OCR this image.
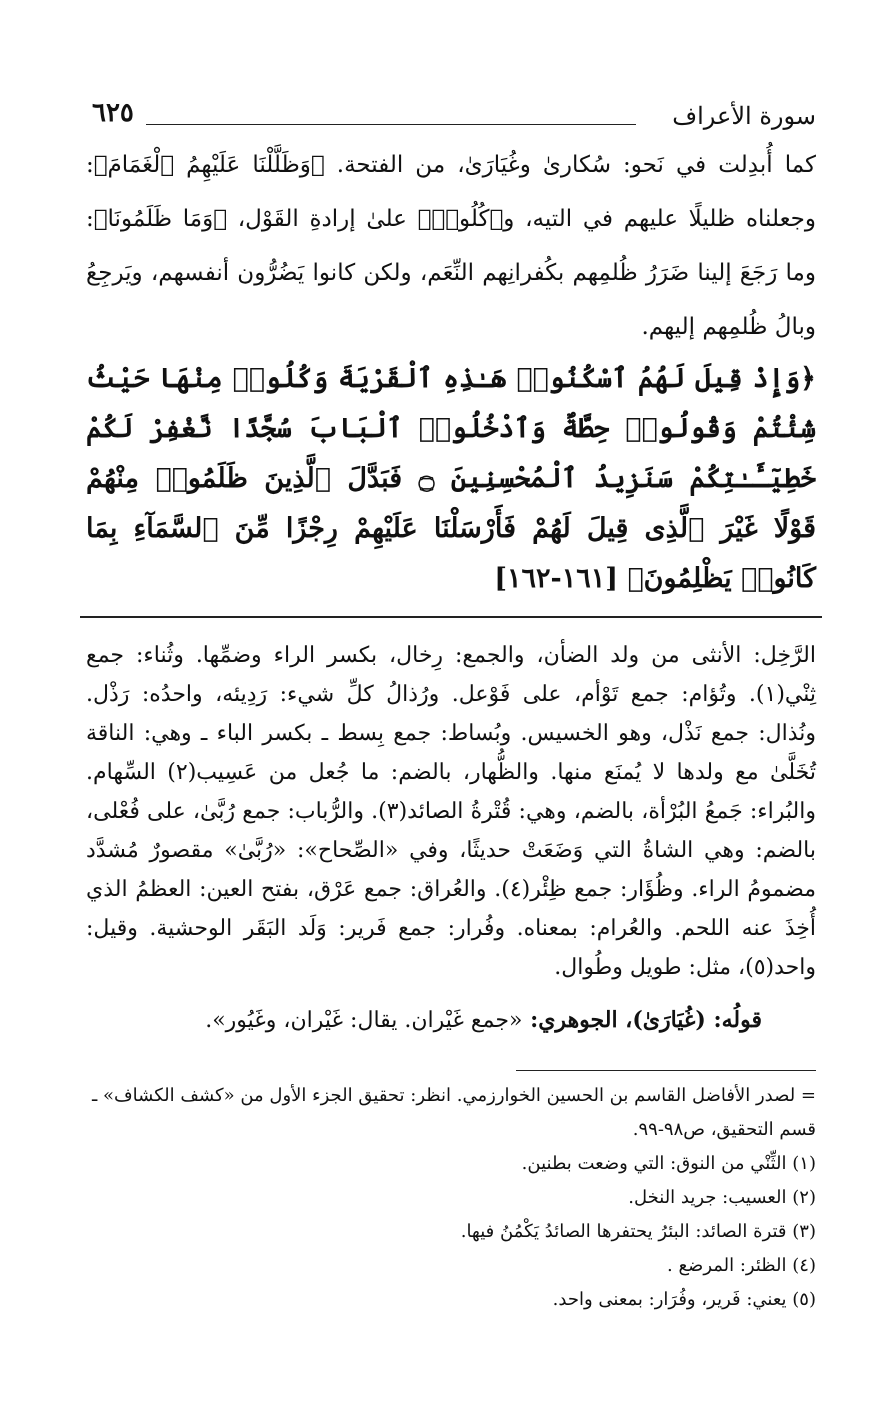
سورة الأعراف
٦٢٥

كما أُبدِلت في نَحو: سُكارىٰ وغُيَارَىٰ، من الفتحة. ﴿وَظَلَّلْنَا عَلَيْهِمُ ٱلْغَمَامَ﴾: وجعلناه ظليلًا عليهم في التيه، و﴿كُلُوا۟﴾ علىٰ إرادةِ القَوْل، ﴿وَمَا ظَلَمُونَا﴾: وما رَجَعَ إلينا ضَرَرُ ظُلمِهم بكُفرانِهم النِّعَم، ولكن كانوا يَضُرُّون أنفسهم، ويَرجِعُ وبالُ ظُلمِهم إليهم.

﴿وَإِذْ قِيلَ لَهُمُ ٱسْكُنُوا۟ هَـٰذِهِ ٱلْقَرْيَةَ وَكُلُوا۟ مِنْهَا حَيْثُ شِئْتُمْ وَقُولُوا۟ حِطَّةٌ وَٱدْخُلُوا۟ ٱلْبَابَ سُجَّدًا نَّغْفِرْ لَكُمْ خَطِيٓـَٔـٰتِكُمْ سَنَزِيدُ ٱلْمُحْسِنِينَ ۝ فَبَدَّلَ ٱلَّذِينَ ظَلَمُوا۟ مِنْهُمْ قَوْلًا غَيْرَ ٱلَّذِى قِيلَ لَهُمْ فَأَرْسَلْنَا عَلَيْهِمْ رِجْزًا مِّنَ ٱلسَّمَآءِ بِمَا كَانُوا۟ يَظْلِمُونَ﴾ [١٦١-١٦٢]

الرَّخِل: الأنثى من ولد الضأن، والجمع: رِخال، بكسر الراء وضمِّها. وثُناء: جمع ثِنْي(١). وتُؤام: جمع تَوْأم، على فَوْعل. ورُذالُ كلِّ شيء: رَدِيئه، واحدُه: رَذْل. ونُذال: جمع نَذْل، وهو الخسيس. وبُساط: جمع بِسط ـ بكسر الباء ـ وهي: الناقة تُخَلَّىٰ مع ولدها لا يُمنَع منها. والظُّهار، بالضم: ما جُعل من عَسِيب(٢) السِّهام. والبُراء: جَمعُ البُرْأة، بالضم، وهي: قُتْرةُ الصائد(٣). والرُّباب: جمع رُبَّىٰ، على فُعْلى، بالضم: وهي الشاةُ التي وَضَعَتْ حديثًا، وفي «الصِّحاح»: «رُبَّىٰ» مقصورٌ مُشدَّد مضمومُ الراء. وظُؤَار: جمع ظِئْر(٤). والعُراق: جمع عَرْق، بفتح العين: العظمُ الذي أُخِذَ عنه اللحم. والعُرام: بمعناه. وفُرار: جمع فَرير: وَلَد البَقَر الوحشية. وقيل: واحد(٥)، مثل: طويل وطُوال.

قولُه: (غُيَارَىٰ)، الجوهري: «جمع غَيْران. يقال: غَيْران، وغَيُور».

= لصدر الأفاضل القاسم بن الحسين الخوارزمي. انظر: تحقيق الجزء الأول من «كشف الكشاف» ـ قسم التحقيق، ص٩٨-٩٩.

(١) الثِّنْي من النوق: التي وضعت بطنين.

(٢) العسيب: جريد النخل.

(٣) قترة الصائد: البئرُ يحتفرها الصائدُ يَكْمُنُ فيها.

(٤) الظئر: المرضع .

(٥) يعني: فَرير، وفُرَار: بمعنى واحد.
